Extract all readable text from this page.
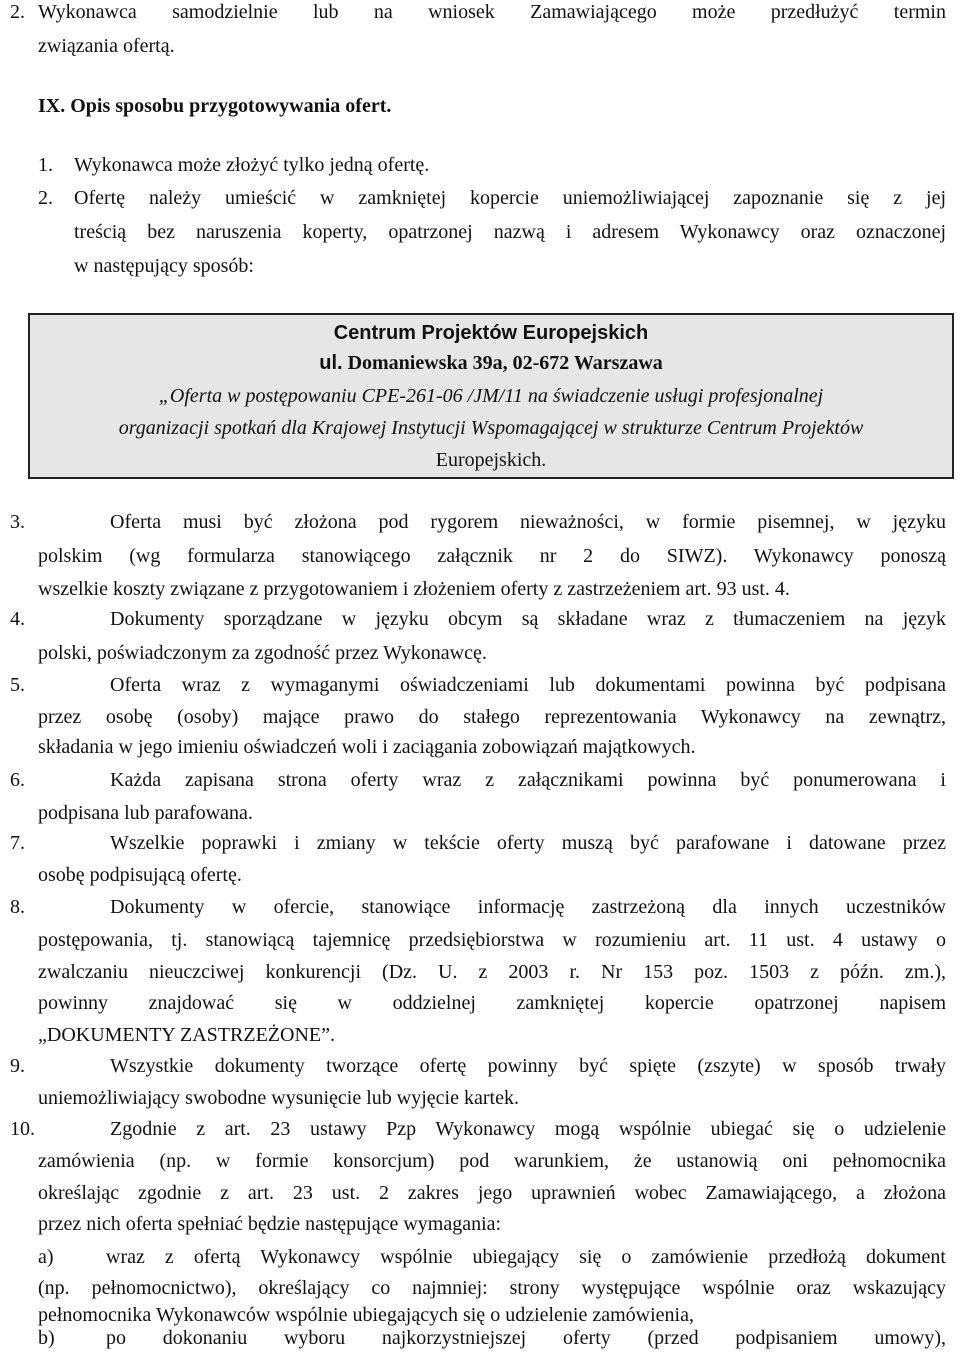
2. Wykonawca samodzielnie lub na wniosek Zamawiającego może przedłużyć termin
związania ofertą.
IX. Opis sposobu przygotowywania ofert.
1. Wykonawca może złożyć tylko jedną ofertę.
2. Ofertę należy umieścić w zamkniętej kopercie uniemożliwiającej zapoznanie się z jej
treścią bez naruszenia koperty, opatrzonej nazwą i adresem Wykonawcy oraz oznaczonej
w następujący sposób:
Centrum Projektów Europejskich
ul. Domaniewska 39a, 02-672 Warszawa
„Oferta w postępowaniu CPE-261-06 /JM/11 na świadczenie usługi profesjonalnej
organizacji spotkań dla Krajowej Instytucji Wspomagającej w strukturze Centrum Projektów
Europejskich.
3.	Oferta musi być złożona pod rygorem nieważności, w formie pisemnej, w języku
polskim (wg formularza stanowiącego załącznik nr 2 do SIWZ). Wykonawcy ponoszą
wszelkie koszty związane z przygotowaniem i złożeniem oferty z zastrzeżeniem art. 93 ust. 4.
4.	Dokumenty sporządzane w języku obcym są składane wraz z tłumaczeniem na język
polski, poświadczonym za zgodność przez Wykonawcę.
5.	Oferta wraz z wymaganymi oświadczeniami lub dokumentami powinna być podpisana
przez osobę (osoby) mające prawo do stałego reprezentowania Wykonawcy na zewnątrz,
składania w jego imieniu oświadczeń woli i zaciągania zobowiązań majątkowych.
6.	Każda zapisana strona oferty wraz z załącznikami powinna być ponumerowana i
podpisana lub parafowana.
7.	Wszelkie poprawki i zmiany w tekście oferty muszą być parafowane i datowane przez
osobę podpisującą ofertę.
8.	Dokumenty w ofercie, stanowiące informację zastrzeżoną dla innych uczestników
postępowania, tj. stanowiącą tajemnicę przedsiębiorstwa w rozumieniu art. 11 ust. 4 ustawy o
zwalczaniu nieuczciwej konkurencji (Dz. U. z 2003 r. Nr 153 poz. 1503 z późn. zm.),
powinny znajdować się w oddzielnej zamkniętej kopercie opatrzonej napisem
„DOKUMENTY ZASTRZEŻONE”.
9.	Wszystkie dokumenty tworzące ofertę powinny być spięte (zszyte) w sposób trwały
uniemożliwiający swobodne wysunięcie lub wyjęcie kartek.
10.	Zgodnie z art. 23 ustawy Pzp Wykonawcy mogą wspólnie ubiegać się o udzielenie
zamówienia (np. w formie konsorcjum) pod warunkiem, że ustanowią oni pełnomocnika
określając zgodnie z art. 23 ust. 2 zakres jego uprawnień wobec Zamawiającego, a złożona
przez nich oferta spełniać będzie następujące wymagania:
a)	wraz z ofertą Wykonawcy wspólnie ubiegający się o zamówienie przedłożą dokument
(np. pełnomocnictwo), określający co najmniej: strony występujące wspólnie oraz wskazujący
pełnomocnika Wykonawców wspólnie ubiegających się o udzielenie zamówienia,
b)	po dokonaniu wyboru najkorzystniejszej oferty (przed podpisaniem umowy),
